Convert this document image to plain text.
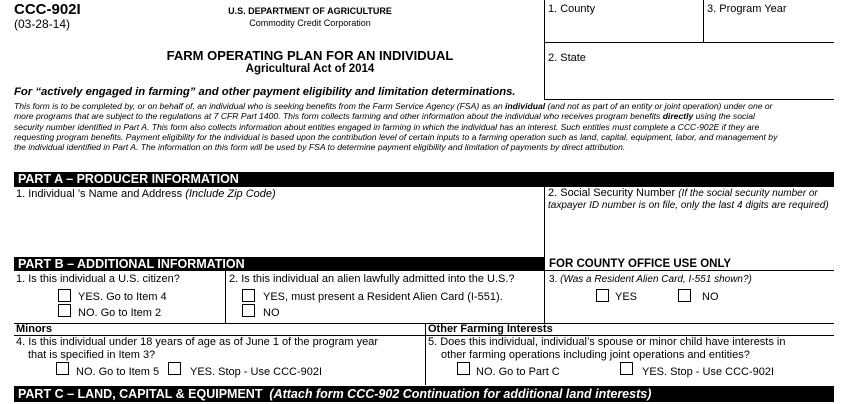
CCC-902I
(03-28-14)
U.S. DEPARTMENT OF AGRICULTURE
Commodity Credit Corporation
FARM OPERATING PLAN FOR AN INDIVIDUAL
Agricultural Act of 2014
For “actively engaged in farming” and other payment eligibility and limitation determinations.
1. County	3. Program Year
2. State
This form is to be completed by, or on behalf of, an individual who is seeking benefits from the Farm Service Agency (FSA) as an individual (and not as part of an entity or joint operation) under one or more programs that are subject to the regulations at 7 CFR Part 1400. This form collects farming and other information about the individual who receives program benefits directly using the social security number identified in Part A. This form also collects information about entities engaged in farming in which the individual has an interest. Such entities must complete a CCC-902E if they are requesting program benefits. Payment eligibility for the individual is based upon the contribution level of certain inputs to a farming operation such as land, capital, equipment, labor, and management by the individual identified in Part A. The information on this form will be used by FSA to determine payment eligibility and limitation of payments by direct attribution.
PART A – PRODUCER INFORMATION
1. Individual ’s Name and Address (Include Zip Code)	2. Social Security Number (If the social security number or taxpayer ID number is on file, only the last 4 digits are required)
PART B – ADDITIONAL INFORMATION	FOR COUNTY OFFICE USE ONLY
1. Is this individual a U.S. citizen?
YES. Go to Item 4
NO. Go to Item 2
2. Is this individual an alien lawfully admitted into the U.S.?
YES, must present a Resident Alien Card (I-551).
NO
3. (Was a Resident Alien Card, I-551 shown?)
YES	NO
Minors	Other Farming Interests
4. Is this individual under 18 years of age as of June 1 of the program year
that is specified in Item 3?
NO. Go to Item 5	YES. Stop - Use CCC-902I
5. Does this individual, individual’s spouse or minor child have interests in
other farming operations including joint operations and entities?
NO. Go to Part C	YES. Stop - Use CCC-902I
PART C – LAND, CAPITAL & EQUIPMENT (Attach form CCC-902 Continuation for additional land interests)
